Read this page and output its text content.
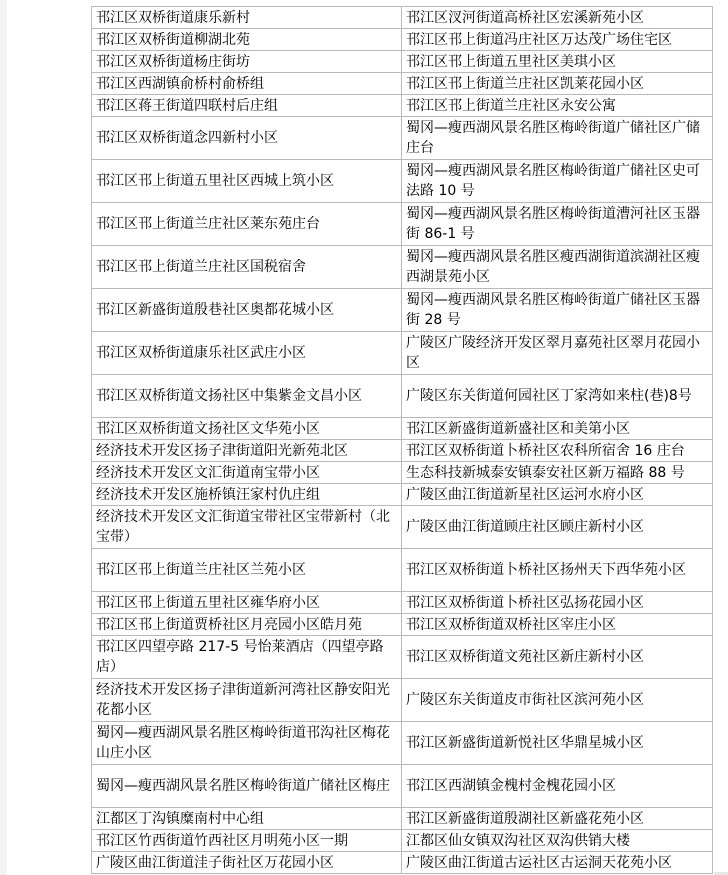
邗江区双桥街道康乐新村	邗江区汊河街道高桥社区宏溪新苑小区
邗江区双桥街道柳湖北苑	邗江区邗上街道冯庄社区万达茂广场住宅区
邗江区双桥街道杨庄街坊	邗江区邗上街道五里社区美琪小区
邗江区西湖镇俞桥村俞桥组	邗江区邗上街道兰庄社区凯莱花园小区
邗江区蒋王街道四联村后庄组	邗江区邗上街道兰庄社区永安公寓
邗江区双桥街道念四新村小区	蜀冈—瘦西湖风景名胜区梅岭街道广储社区广储庄台
邗江区邗上街道五里社区西城上筑小区	蜀冈—瘦西湖风景名胜区梅岭街道广储社区史可法路 10 号
邗江区邗上街道兰庄社区莱东苑庄台	蜀冈—瘦西湖风景名胜区梅岭街道漕河社区玉器街 86-1 号
邗江区邗上街道兰庄社区国税宿舍	蜀冈—瘦西湖风景名胜区瘦西湖街道滨湖社区瘦西湖景苑小区
邗江区新盛街道殷巷社区奥都花城小区	蜀冈—瘦西湖风景名胜区梅岭街道广储社区玉器街 28 号
邗江区双桥街道康乐社区武庄小区	广陵区广陵经济开发区翠月嘉苑社区翠月花园小区
邗江区双桥街道文扬社区中集紫金文昌小区	广陵区东关街道何园社区丁家湾如来柱(巷)8号
邗江区双桥街道文扬社区文华苑小区	邗江区新盛街道新盛社区和美第小区
经济技术开发区扬子津街道阳光新苑北区	邗江区双桥街道卜桥社区农科所宿舍 16 庄台
经济技术开发区文汇街道南宝带小区	生态科技新城泰安镇泰安社区新万福路 88 号
经济技术开发区施桥镇汪家村仇庄组	广陵区曲江街道新星社区运河水府小区
经济技术开发区文汇街道宝带社区宝带新村（北宝带）	广陵区曲江街道顾庄社区顾庄新村小区
邗江区邗上街道兰庄社区兰苑小区	邗江区双桥街道卜桥社区扬州天下西华苑小区
邗江区邗上街道五里社区雍华府小区	邗江区双桥街道卜桥社区弘扬花园小区
邗江区邗上街道贾桥社区月亮园小区皓月苑	邗江区双桥街道双桥社区宰庄小区
邗江区四望亭路 217-5 号怡莱酒店（四望亭路店）	邗江区双桥街道文苑社区新庄新村小区
经济技术开发区扬子津街道新河湾社区静安阳光花都小区	广陵区东关街道皮市街社区滨河苑小区
蜀冈—瘦西湖风景名胜区梅岭街道邗沟社区梅花山庄小区	邗江区新盛街道新悦社区华鼎星城小区
蜀冈—瘦西湖风景名胜区梅岭街道广储社区梅庄	邗江区西湖镇金槐村金槐花园小区
江都区丁沟镇糜南村中心组	邗江区新盛街道殷湖社区新盛花苑小区
邗江区竹西街道竹西社区月明苑小区一期	江都区仙女镇双沟社区双沟供销大楼
广陵区曲江街道洼子街社区万花园小区	广陵区曲江街道古运社区古运洞天花苑小区
